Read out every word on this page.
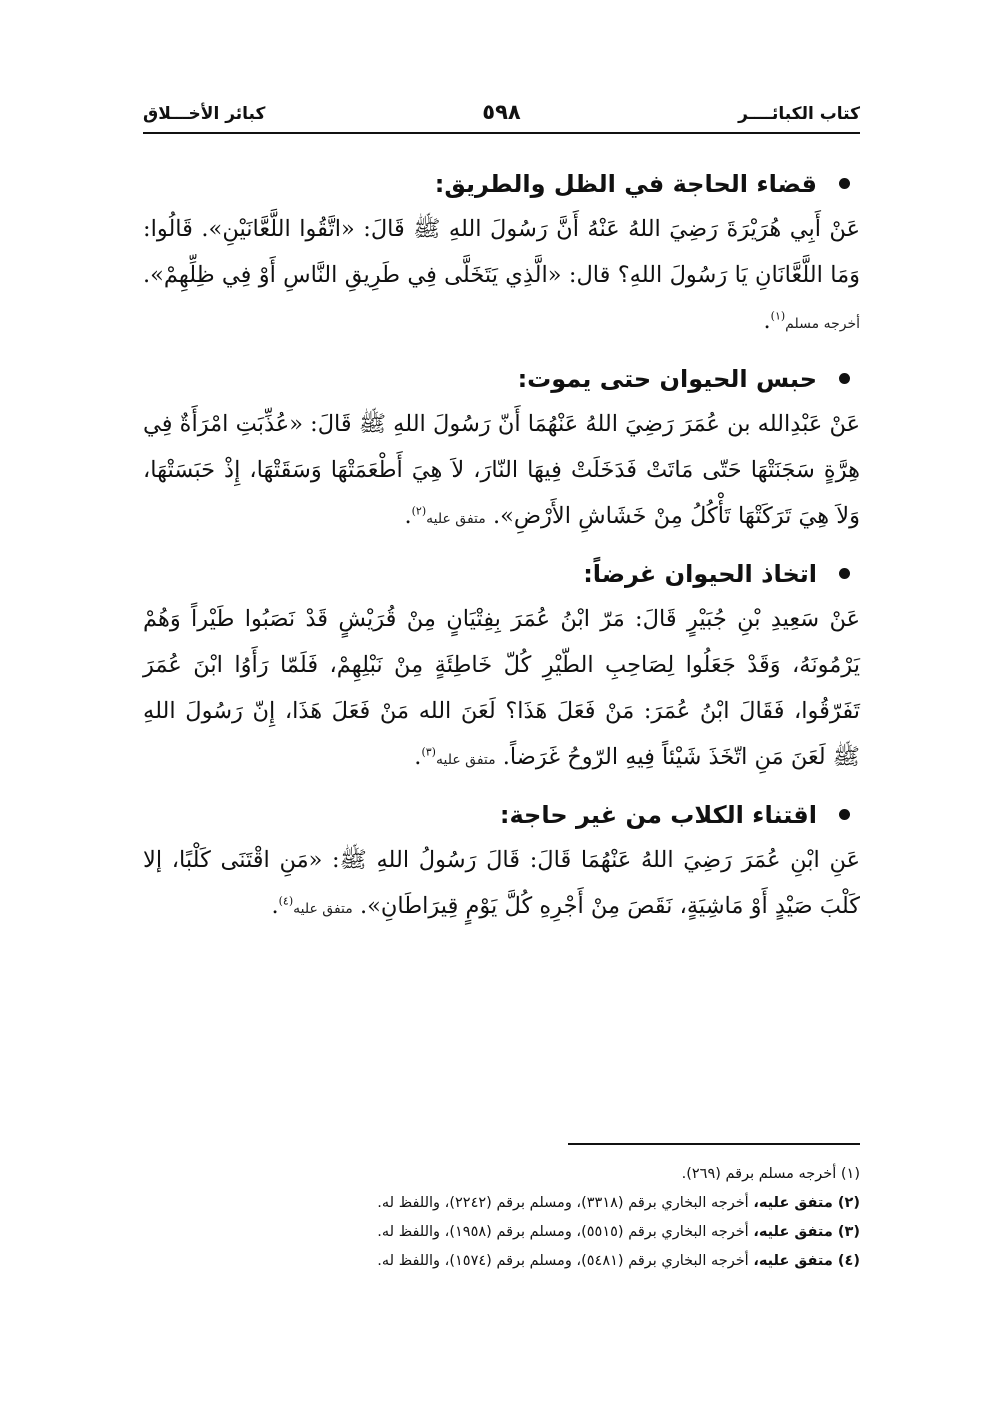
كتاب الكبائــــر
٥٩٨
كبائر الأخـــلاق
قضاء الحاجة في الظل والطريق:

عَنْ أَبِي هُرَيْرَةَ رَضِيَ اللهُ عَنْهُ أَنَّ رَسُولَ اللهِ ﷺ قَالَ: «اتَّقُوا اللَّعَّانَيْنِ». قَالُوا: وَمَا اللَّعَّانَانِ يَا رَسُولَ اللهِ؟ قال: «الَّذِي يَتَخَلَّى فِي طَرِيقِ النَّاسِ أَوْ فِي ظِلِّهِمْ». أخرجه مسلم$^{(١)}$.

حبس الحيوان حتى يموت:

عَنْ عَبْدِالله بن عُمَرَ رَضِيَ اللهُ عَنْهُمَا أَنّ رَسُولَ اللهِ ﷺ قَالَ: «عُذِّبَتِ امْرَأَةٌ فِي هِرَّةٍ سَجَنَتْهَا حَتّى مَاتَتْ فَدَخَلَتْ فِيهَا النّارَ، لاَ هِيَ أَطْعَمَتْهَا وَسَقَتْهَا، إِذْ حَبَسَتْهَا، وَلاَ هِيَ تَرَكَتْهَا تَأْكُلُ مِنْ خَشَاشِ الأَرْضِ». متفق عليه$^{(٢)}$.

اتخاذ الحيوان غرضاً:

عَنْ سَعِيدِ بْنِ جُبَيْرٍ قَالَ: مَرّ ابْنُ عُمَرَ بِفِتْيَانٍ مِنْ قُرَيْشٍ قَدْ نَصَبُوا طَيْراً وَهُمْ يَرْمُونَهُ، وَقَدْ جَعَلُوا لِصَاحِبِ الطّيْرِ كُلّ خَاطِئَةٍ مِنْ نَبْلِهِمْ، فَلَمّا رَأَوُا ابْنَ عُمَرَ تَفَرّقُوا، فَقَالَ ابْنُ عُمَرَ: مَنْ فَعَلَ هَذَا؟ لَعَنَ الله مَنْ فَعَلَ هَذَا، إِنّ رَسُولَ اللهِ ﷺ لَعَنَ مَنِ اتّخَذَ شَيْئاً فِيهِ الرّوحُ غَرَضاً. متفق عليه$^{(٣)}$.

اقتناء الكلاب من غير حاجة:

عَنِ ابْنِ عُمَرَ رَضِيَ اللهُ عَنْهُمَا قَالَ: قَالَ رَسُولُ اللهِ ﷺ: «مَنِ اقْتَنَى كَلْبًا، إلا كَلْبَ صَيْدٍ أَوْ مَاشِيَةٍ، نَقَصَ مِنْ أَجْرِهِ كُلَّ يَوْمٍ قِيرَاطَانِ». متفق عليه$^{(٤)}$.

(١) أخرجه مسلم برقم (٢٦٩).
(٢) متفق عليه، أخرجه البخاري برقم (٣٣١٨)، ومسلم برقم (٢٢٤٢)، واللفظ له.
(٣) متفق عليه، أخرجه البخاري برقم (٥٥١٥)، ومسلم برقم (١٩٥٨)، واللفظ له.
(٤) متفق عليه، أخرجه البخاري برقم (٥٤٨١)، ومسلم برقم (١٥٧٤)، واللفظ له.
